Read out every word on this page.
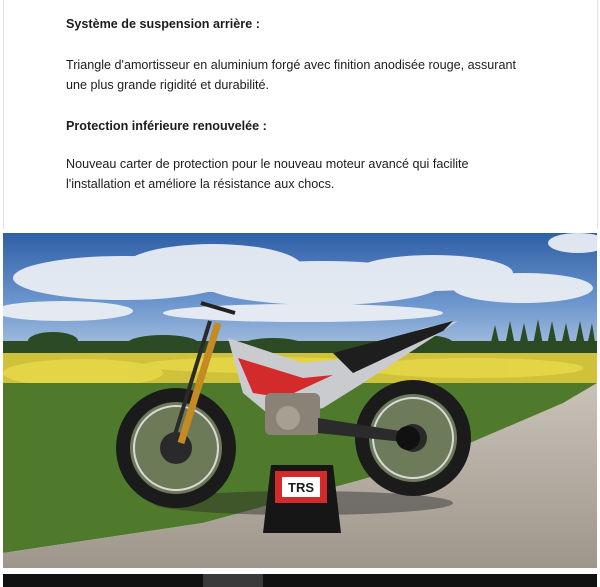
Système de suspension arrière :

Triangle d'amortisseur en aluminium forgé avec finition anodisée rouge, assurant

une plus grande rigidité et durabilité.

Protection inférieure renouvelée :

Nouveau carter de protection pour le nouveau moteur avancé qui facilite

l'installation et améliore la résistance aux chocs.

TRS
